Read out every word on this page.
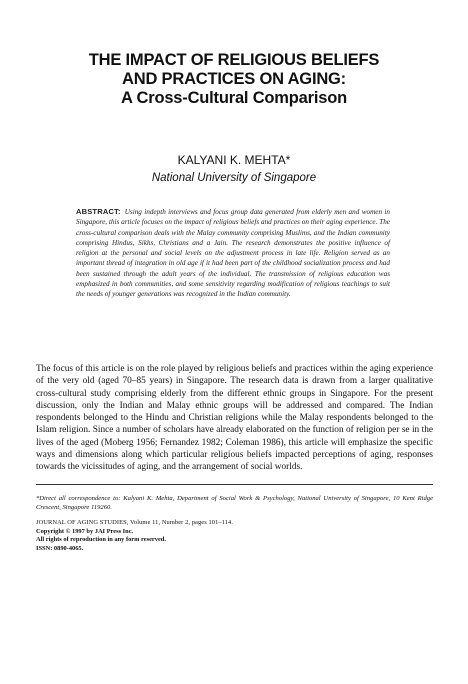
THE IMPACT OF RELIGIOUS BELIEFS
AND PRACTICES ON AGING:
A Cross-Cultural Comparison
KALYANI K. MEHTA*
National University of Singapore
ABSTRACT: Using indepth interviews and focus group data generated from elderly men and women in Singapore, this article focuses on the impact of religious beliefs and practices on their aging experience. The cross-cultural comparison deals with the Malay community comprising Muslims, and the Indian community comprising Hindus, Sikhs, Christians and a Jain. The research demonstrates the positive influence of religion at the personal and social levels on the adjustment process in late life. Religion served as an important thread of integration in old age if it had been part of the childhood socialization process and had been sustained through the adult years of the individual. The transmission of religious education was emphasized in both communities, and some sensitivity regarding modification of religious teachings to suit the needs of younger generations was recognized in the Indian community.
The focus of this article is on the role played by religious beliefs and practices within the aging experience of the very old (aged 70–85 years) in Singapore. The research data is drawn from a larger qualitative cross-cultural study comprising elderly from the different ethnic groups in Singapore. For the present discussion, only the Indian and Malay ethnic groups will be addressed and compared. The Indian respondents belonged to the Hindu and Christian religions while the Malay respondents belonged to the Islam religion. Since a number of scholars have already elaborated on the function of religion per se in the lives of the aged (Moberg 1956; Fernandez 1982; Coleman 1986), this article will emphasize the specific ways and dimensions along which particular religious beliefs impacted perceptions of aging, responses towards the vicissitudes of aging, and the arrangement of social worlds.
*Direct all correspondence to: Kalyani K. Mehta, Department of Social Work & Psychology, National University of Singapore, 10 Kent Ridge Crescent, Singapore 119260.
JOURNAL OF AGING STUDIES, Volume 11, Number 2, pages 101–114.
Copyright © 1997 by JAI Press Inc.
All rights of reproduction in any form reserved.
ISSN: 0890-4065.
